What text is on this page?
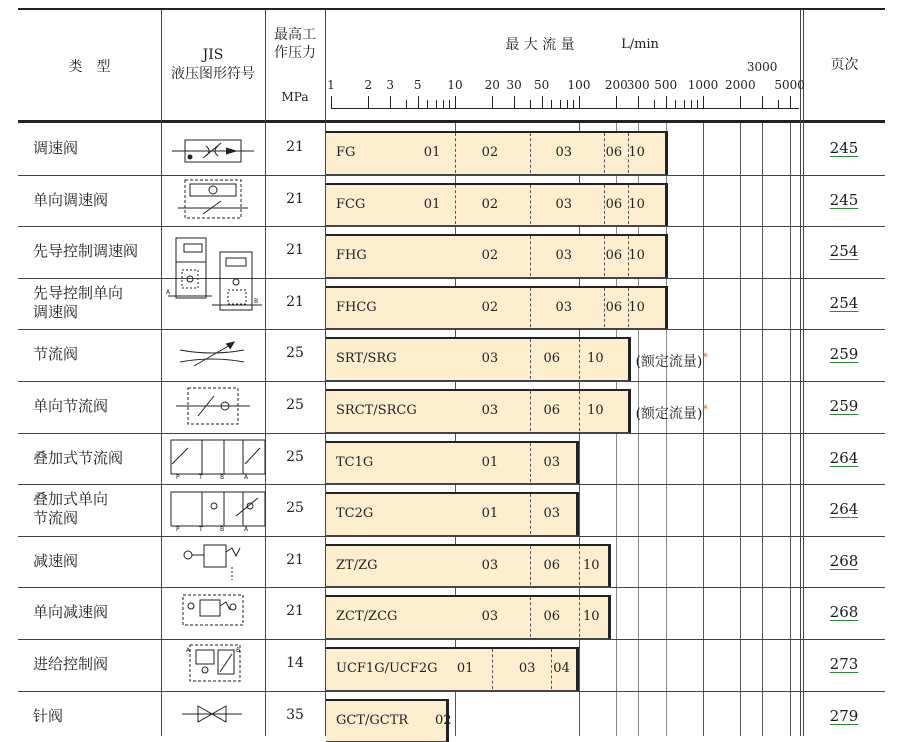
类　型
JIS
液压图形符号
最高工
作压力
MPa
最 大 流 量	L/min
页次
1 2 3 5 10 20 30 50 100 200
300 500 1000 2000
3000
5000
调速阀	21	FG	01	02	03	06 10	245
单向调速阀	21	FCG	01	02	03	06 10	245
先导控制调速阀	21	FHG	02	03	06 10	254
先导控制单向
调速阀
21	FHCG	02	03	06 10	254
节流阀	25	SRT/SRG	03	06 10 (额定流量)*	259
单向节流阀	25	SRCT/SRCG	03	06 10 (额定流量)*	259
叠加式节流阀	25	TC1G	01	03	264
叠加式单向
节流阀
25	TC2G	01	03	264
减速阀	21	ZT/ZG	03	06 10	268
单向减速阀	21	ZCT/ZCG	03	06 10	268
进给控制阀	14	UCF1G/UCF2G 01	03 04	273
针阀	35	GCT/GCTR 02	279
P	T	B	A
P	T	B	A
A
B
A	B
